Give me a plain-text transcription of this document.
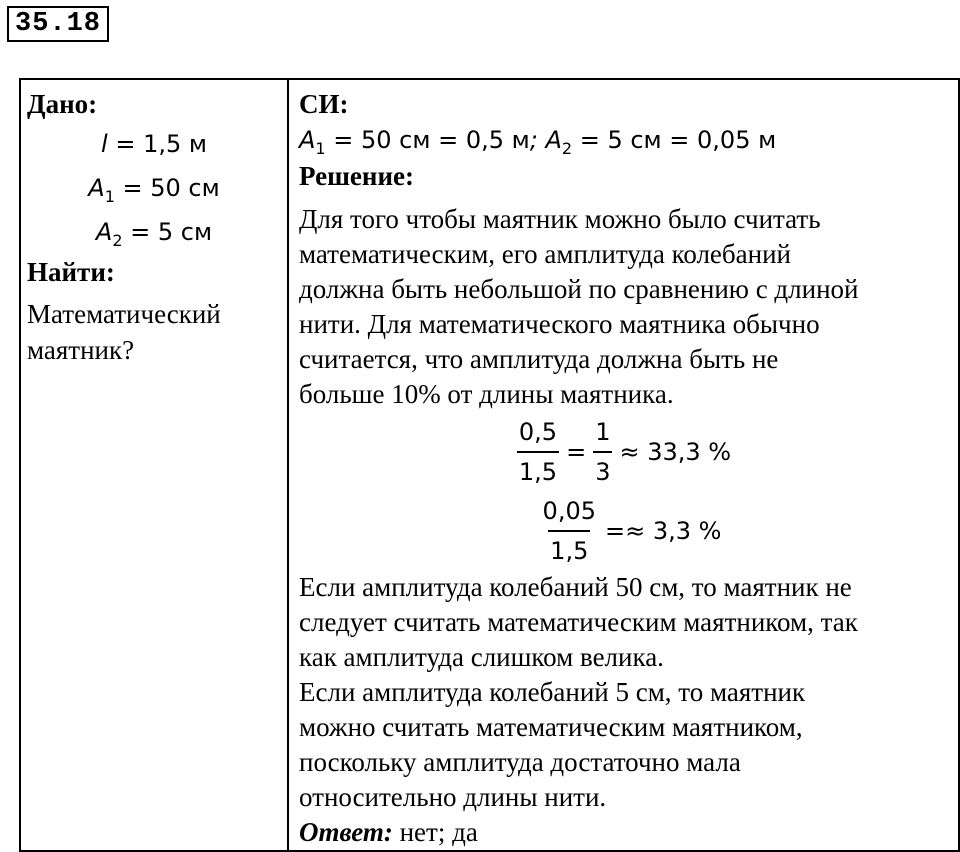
35.18
Дано:
l = 1,5 м
$A_1 = 50$ см
$A_2 = 5$ см
Найти:
Математический маятник?

СИ:
$A_1 = 50$ см = 0,5 м; $A_2 = 5$ см = 0,05 м
Решение:
Для того чтобы маятник можно было считать
математическим, его амплитуда колебаний
должна быть небольшой по сравнению с длиной
нити. Для математического маятника обычно
считается, что амплитуда должна быть не
больше 10% от длины маятника.
$\frac{0,5}{1,5} = \frac{1}{3} \approx 33,3$ %
$\frac{0,05}{1,5} =\approx 3,3$ %
Если амплитуда колебаний 50 см, то маятник не
следует считать математическим маятником, так
как амплитуда слишком велика.
Если амплитуда колебаний 5 см, то маятник
можно считать математическим маятником,
поскольку амплитуда достаточно мала
относительно длины нити.
Ответ: нет; да
